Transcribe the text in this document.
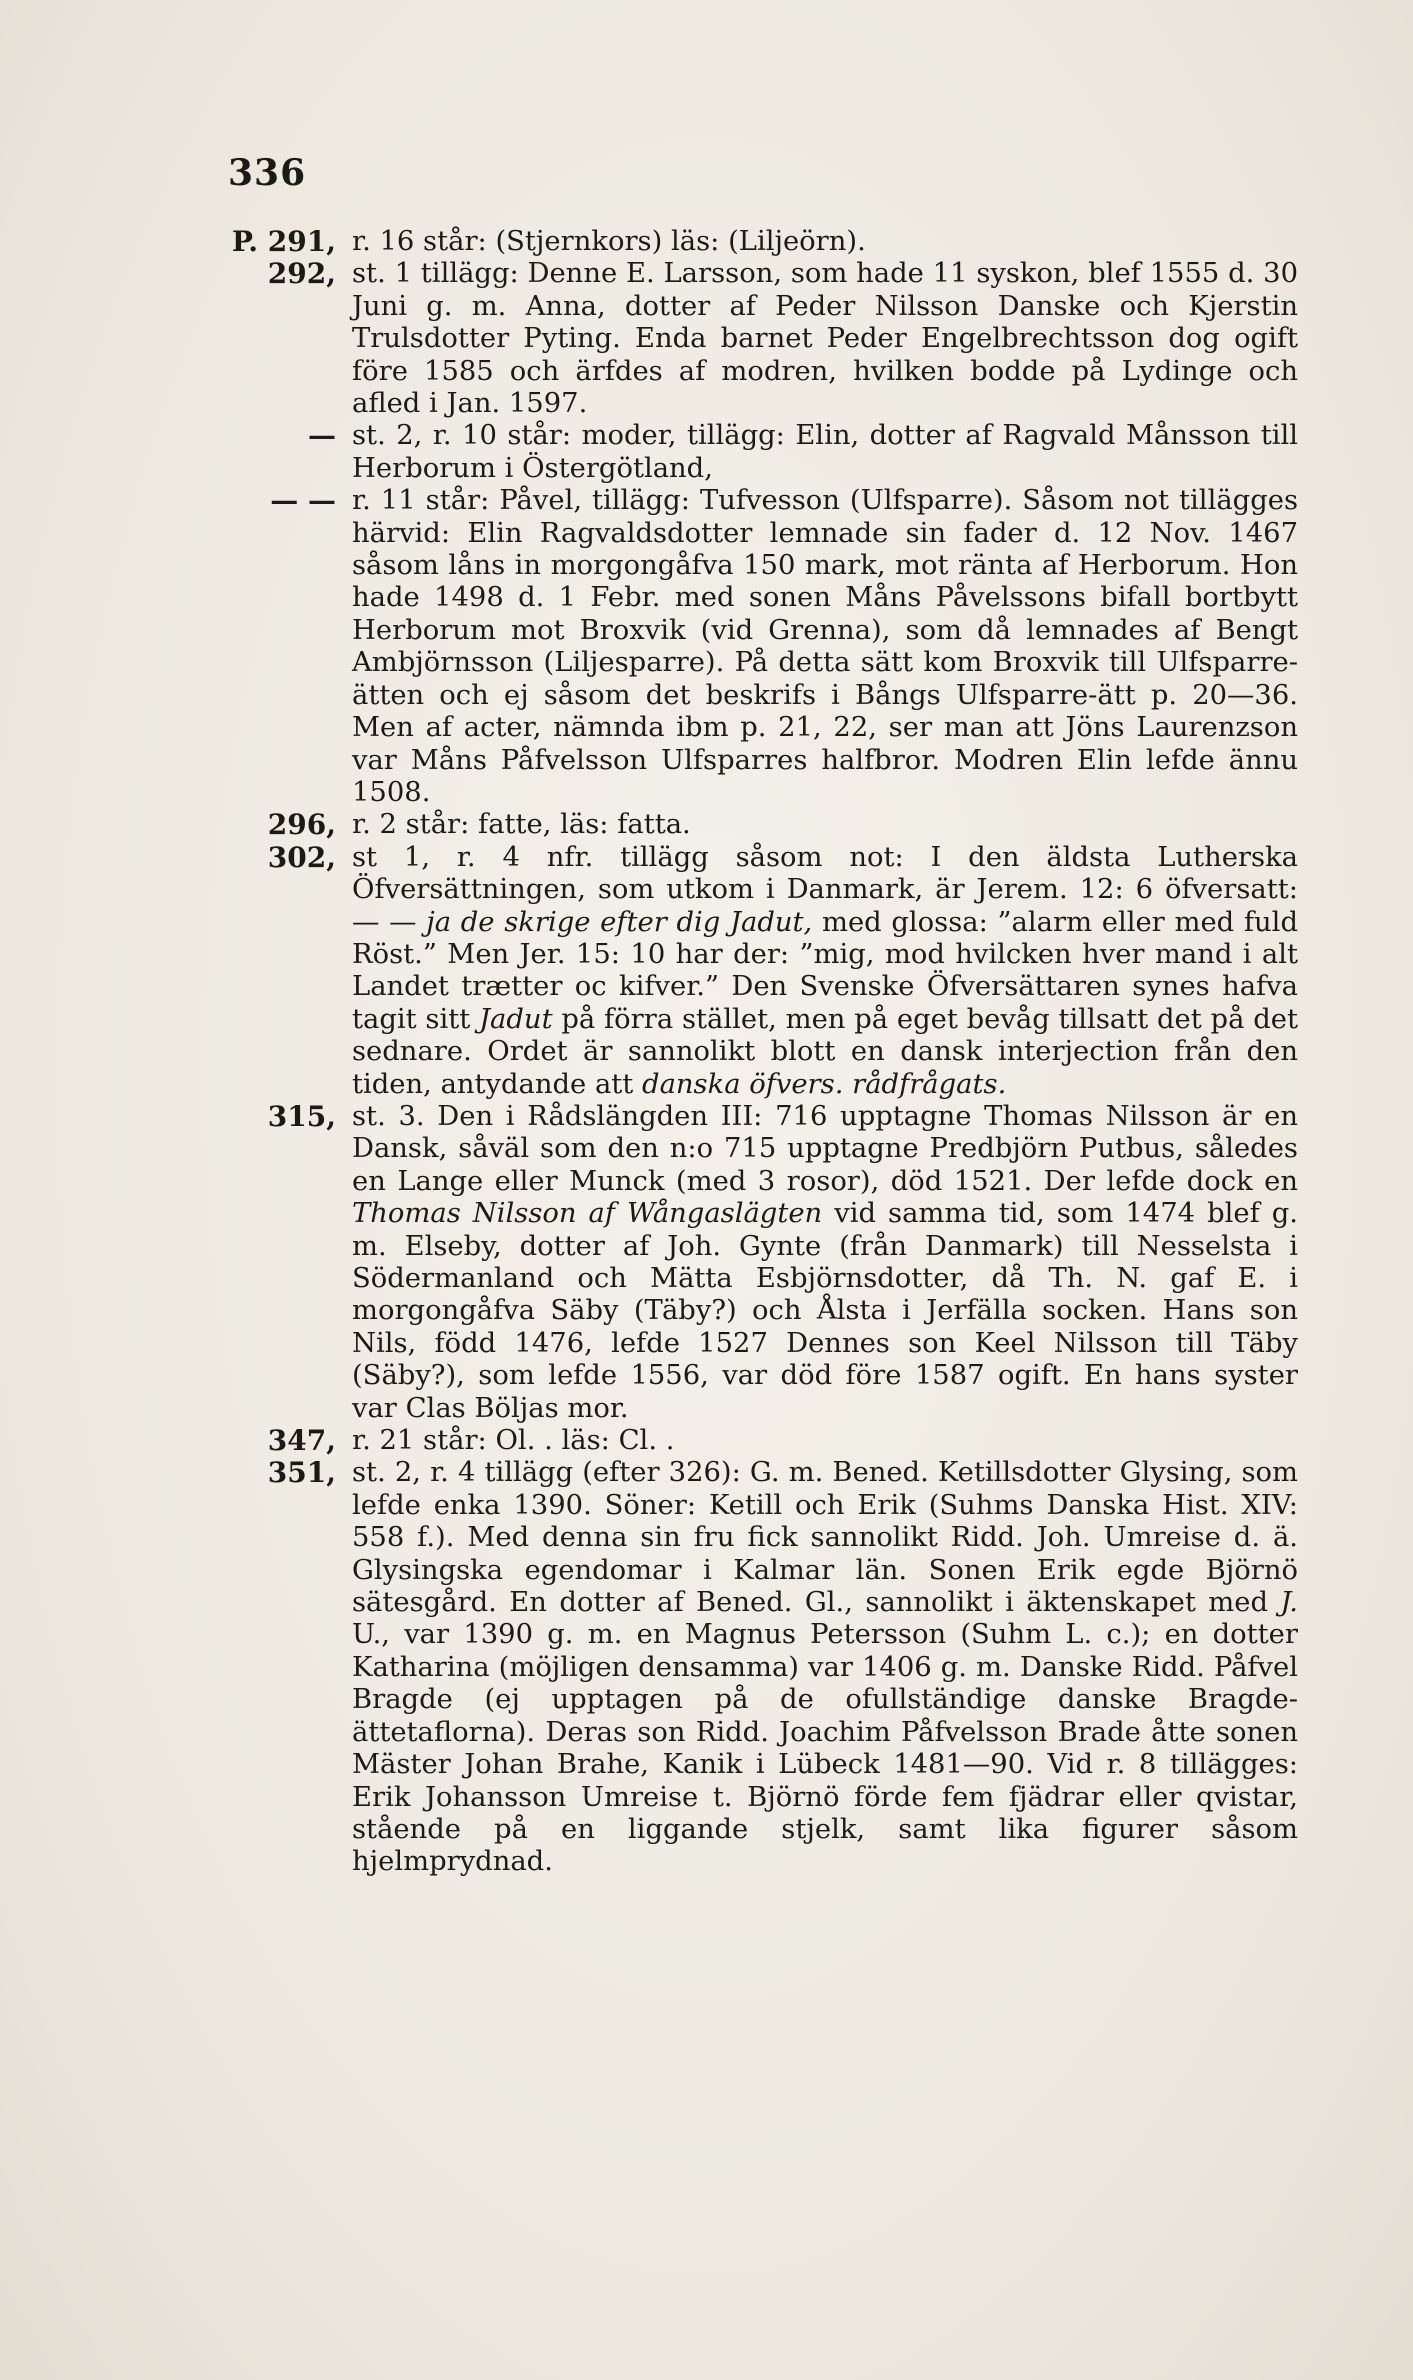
336
P. 291, r. 16 står: (Stjernkors) läs: (Liljeörn).

292, st. 1 tillägg: Denne E. Larsson, som hade 11 syskon, blef 1555 d. 30 Juni g. m. Anna, dotter af Peder Nilsson Danske och Kjerstin Trulsdotter Pyting. Enda barnet Peder Engelbrechtsson dog ogift före 1585 och ärfdes af modren, hvilken bodde på Lydinge och afled i Jan. 1597.

— st. 2, r. 10 står: moder, tillägg: Elin, dotter af Ragvald Månsson till Herborum i Östergötland,

— — r. 11 står: Påvel, tillägg: Tufvesson (Ulfsparre). Såsom not tillägges härvid: Elin Ragvaldsdotter lemnade sin fader d. 12 Nov. 1467 såsom låns in morgongåfva 150 mark, mot ränta af Herborum. Hon hade 1498 d. 1 Febr. med sonen Måns Påvelssons bifall bortbytt Herborum mot Broxvik (vid Grenna), som då lemnades af Bengt Ambjörnsson (Liljesparre). På detta sätt kom Broxvik till Ulfsparre-ätten och ej såsom det beskrifs i Bångs Ulfsparre-ätt p. 20—36. Men af acter, nämnda ibm p. 21, 22, ser man att Jöns Laurenzson var Måns Påfvelsson Ulfsparres halfbror. Modren Elin lefde ännu 1508.

296, r. 2 står: fatte, läs: fatta.

302, st 1, r. 4 nfr. tillägg såsom not: I den äldsta Lutherska Öfversättningen, som utkom i Danmark, är Jerem. 12: 6 öfversatt: — — ja de skrige efter dig Jadut, med glossa: ”alarm eller med fuld Röst.” Men Jer. 15: 10 har der: ”mig, mod hvilcken hver mand i alt Landet trætter oc kifver.” Den Svenske Öfversättaren synes hafva tagit sitt Jadut på förra stället, men på eget bevåg tillsatt det på det sednare. Ordet är sannolikt blott en dansk interjection från den tiden, antydande att danska öfvers. rådfrågats.

315, st. 3. Den i Rådslängden III: 716 upptagne Thomas Nilsson är en Dansk, såväl som den n:o 715 upptagne Predbjörn Putbus, således en Lange eller Munck (med 3 rosor), död 1521. Der lefde dock en Thomas Nilsson af Wångaslägten vid samma tid, som 1474 blef g. m. Elseby, dotter af Joh. Gynte (från Danmark) till Nesselsta i Södermanland och Mätta Esbjörnsdotter, då Th. N. gaf E. i morgongåfva Säby (Täby?) och Ålsta i Jerfälla socken. Hans son Nils, född 1476, lefde 1527 Dennes son Keel Nilsson till Täby (Säby?), som lefde 1556, var död före 1587 ogift. En hans syster var Clas Böljas mor.

347, r. 21 står: Ol. . läs: Cl. .

351, st. 2, r. 4 tillägg (efter 326): G. m. Bened. Ketillsdotter Glysing, som lefde enka 1390. Söner: Ketill och Erik (Suhms Danska Hist. XIV: 558 f.). Med denna sin fru fick sannolikt Ridd. Joh. Umreise d. ä. Glysingska egendomar i Kalmar län. Sonen Erik egde Björnö sätesgård. En dotter af Bened. Gl., sannolikt i äktenskapet med J. U., var 1390 g. m. en Magnus Petersson (Suhm L. c.); en dotter Katharina (möjligen densamma) var 1406 g. m. Danske Ridd. Påfvel Bragde (ej upptagen på de ofullständige danske Bragde-ättetaflorna). Deras son Ridd. Joachim Påfvelsson Brade åtte sonen Mäster Johan Brahe, Kanik i Lübeck 1481—90. Vid r. 8 tillägges: Erik Johansson Umreise t. Björnö förde fem fjädrar eller qvistar, stående på en liggande stjelk, samt lika figurer såsom hjelmprydnad.
